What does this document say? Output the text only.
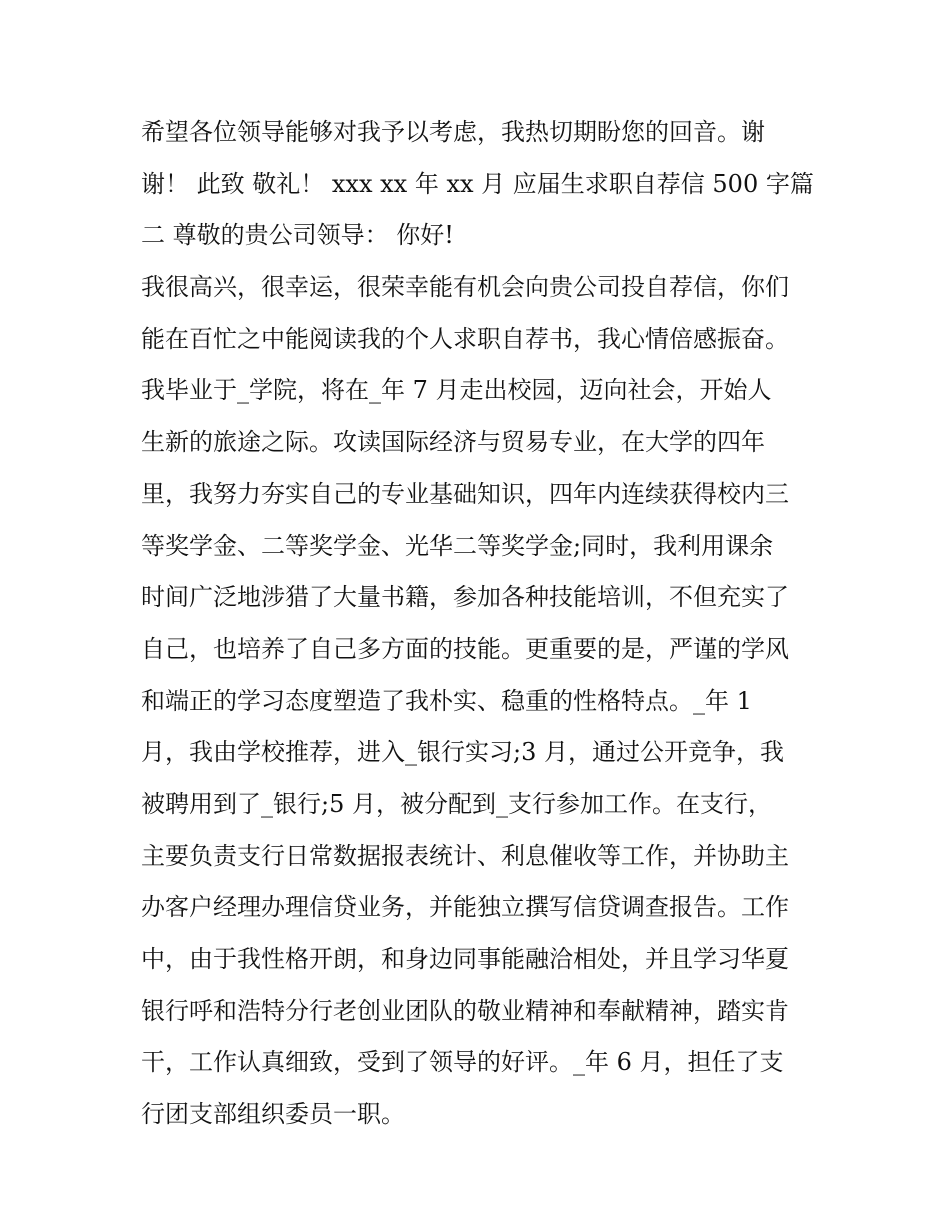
希望各位领导能够对我予以考虑，我热切期盼您的回音。谢
谢！ 此致 敬礼！ xxx xx 年 xx 月 应届生求职自荐信 500 字篇
二 尊敬的贵公司领导： 你好!
我很高兴，很幸运，很荣幸能有机会向贵公司投自荐信，你们
能在百忙之中能阅读我的个人求职自荐书，我心情倍感振奋。
我毕业于_学院，将在_年 7 月走出校园，迈向社会，开始人
生新的旅途之际。攻读国际经济与贸易专业，在大学的四年
里，我努力夯实自己的专业基础知识，四年内连续获得校内三
等奖学金、二等奖学金、光华二等奖学金;同时，我利用课余
时间广泛地涉猎了大量书籍，参加各种技能培训，不但充实了
自己，也培养了自己多方面的技能。更重要的是，严谨的学风
和端正的学习态度塑造了我朴实、稳重的性格特点。_年 1
月，我由学校推荐，进入_银行实习;3 月，通过公开竞争，我
被聘用到了_银行;5 月，被分配到_支行参加工作。在支行，
主要负责支行日常数据报表统计、利息催收等工作，并协助主
办客户经理办理信贷业务，并能独立撰写信贷调查报告。工作
中，由于我性格开朗，和身边同事能融洽相处，并且学习华夏
银行呼和浩特分行老创业团队的敬业精神和奉献精神，踏实肯
干，工作认真细致，受到了领导的好评。_年 6 月，担任了支
行团支部组织委员一职。
